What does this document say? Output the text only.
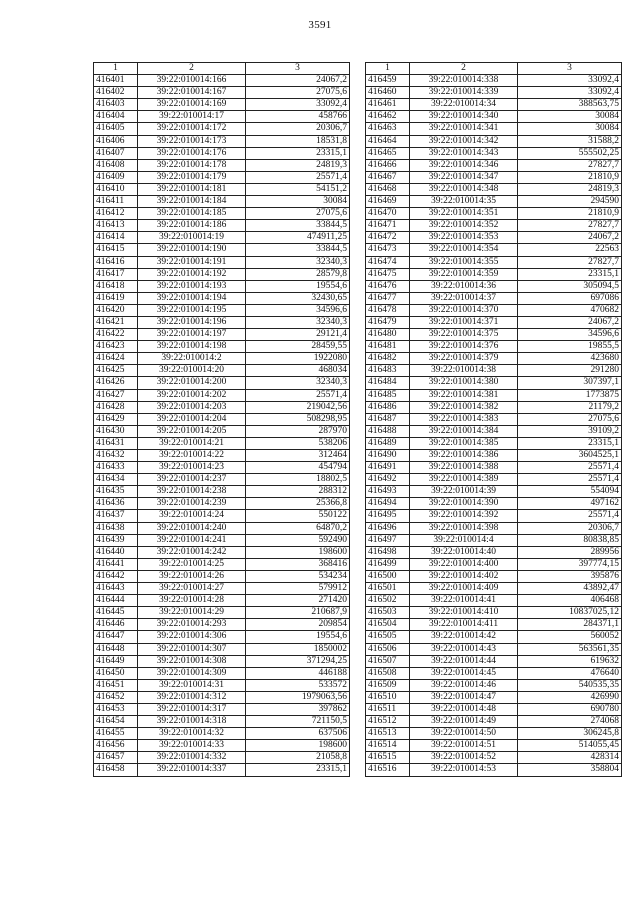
3591
1	2	3
416401	39:22:010014:166	24067,2
416402	39:22:010014:167	27075,6
416403	39:22:010014:169	33092,4
416404	39:22:010014:17	458766
416405	39:22:010014:172	20306,7
416406	39:22:010014:173	18531,8
416407	39:22:010014:176	23315,1
416408	39:22:010014:178	24819,3
416409	39:22:010014:179	25571,4
416410	39:22:010014:181	54151,2
416411	39:22:010014:184	30084
416412	39:22:010014:185	27075,6
416413	39:22:010014:186	33844,5
416414	39:22:010014:19	474911,25
416415	39:22:010014:190	33844,5
416416	39:22:010014:191	32340,3
416417	39:22:010014:192	28579,8
416418	39:22:010014:193	19554,6
416419	39:22:010014:194	32430,65
416420	39:22:010014:195	34596,6
416421	39:22:010014:196	32340,3
416422	39:22:010014:197	29121,4
416423	39:22:010014:198	28459,55
416424	39:22:010014:2	1922080
416425	39:22:010014:20	468034
416426	39:22:010014:200	32340,3
416427	39:22:010014:202	25571,4
416428	39:22:010014:203	219042,56
416429	39:22:010014:204	508298,95
416430	39:22:010014:205	287970
416431	39:22:010014:21	538206
416432	39:22:010014:22	312464
416433	39:22:010014:23	454794
416434	39:22:010014:237	18802,5
416435	39:22:010014:238	288312
416436	39:22:010014:239	25366,8
416437	39:22:010014:24	550122
416438	39:22:010014:240	64870,2
416439	39:22:010014:241	592490
416440	39:22:010014:242	198600
416441	39:22:010014:25	368416
416442	39:22:010014:26	534234
416443	39:22:010014:27	579912
416444	39:22:010014:28	271420
416445	39:22:010014:29	210687,9
416446	39:22:010014:293	209854
416447	39:22:010014:306	19554,6
416448	39:22:010014:307	1850002
416449	39:22:010014:308	371294,25
416450	39:22:010014:309	446188
416451	39:22:010014:31	533572
416452	39:22:010014:312	1979063,56
416453	39:22:010014:317	397862
416454	39:22:010014:318	721150,5
416455	39:22:010014:32	637506
416456	39:22:010014:33	198600
416457	39:22:010014:332	21058,8
416458	39:22:010014:337	23315,1
1	2	3
416459	39:22:010014:338	33092,4
416460	39:22:010014:339	33092,4
416461	39:22:010014:34	388563,75
416462	39:22:010014:340	30084
416463	39:22:010014:341	30084
416464	39:22:010014:342	31588,2
416465	39:22:010014:343	555502,25
416466	39:22:010014:346	27827,7
416467	39:22:010014:347	21810,9
416468	39:22:010014:348	24819,3
416469	39:22:010014:35	294590
416470	39:22:010014:351	21810,9
416471	39:22:010014:352	27827,7
416472	39:22:010014:353	24067,2
416473	39:22:010014:354	22563
416474	39:22:010014:355	27827,7
416475	39:22:010014:359	23315,1
416476	39:22:010014:36	305094,5
416477	39:22:010014:37	697086
416478	39:22:010014:370	470682
416479	39:22:010014:371	24067,2
416480	39:22:010014:375	34596,6
416481	39:22:010014:376	19855,5
416482	39:22:010014:379	423680
416483	39:22:010014:38	291280
416484	39:22:010014:380	307397,1
416485	39:22:010014:381	1773875
416486	39:22:010014:382	21179,2
416487	39:22:010014:383	27075,6
416488	39:22:010014:384	39109,2
416489	39:22:010014:385	23315,1
416490	39:22:010014:386	3604525,1
416491	39:22:010014:388	25571,4
416492	39:22:010014:389	25571,4
416493	39:22:010014:39	554094
416494	39:22:010014:390	497162
416495	39:22:010014:392	25571,4
416496	39:22:010014:398	20306,7
416497	39:22:010014:4	80838,85
416498	39:22:010014:40	289956
416499	39:22:010014:400	397774,15
416500	39:22:010014:402	395876
416501	39:22:010014:409	43892,47
416502	39:22:010014:41	406468
416503	39:22:010014:410	10837025,12
416504	39:22:010014:411	284371,1
416505	39:22:010014:42	560052
416506	39:22:010014:43	563561,35
416507	39:22:010014:44	619632
416508	39:22:010014:45	476640
416509	39:22:010014:46	540535,35
416510	39:22:010014:47	426990
416511	39:22:010014:48	690780
416512	39:22:010014:49	274068
416513	39:22:010014:50	306245,8
416514	39:22:010014:51	514055,45
416515	39:22:010014:52	428314
416516	39:22:010014:53	358804
